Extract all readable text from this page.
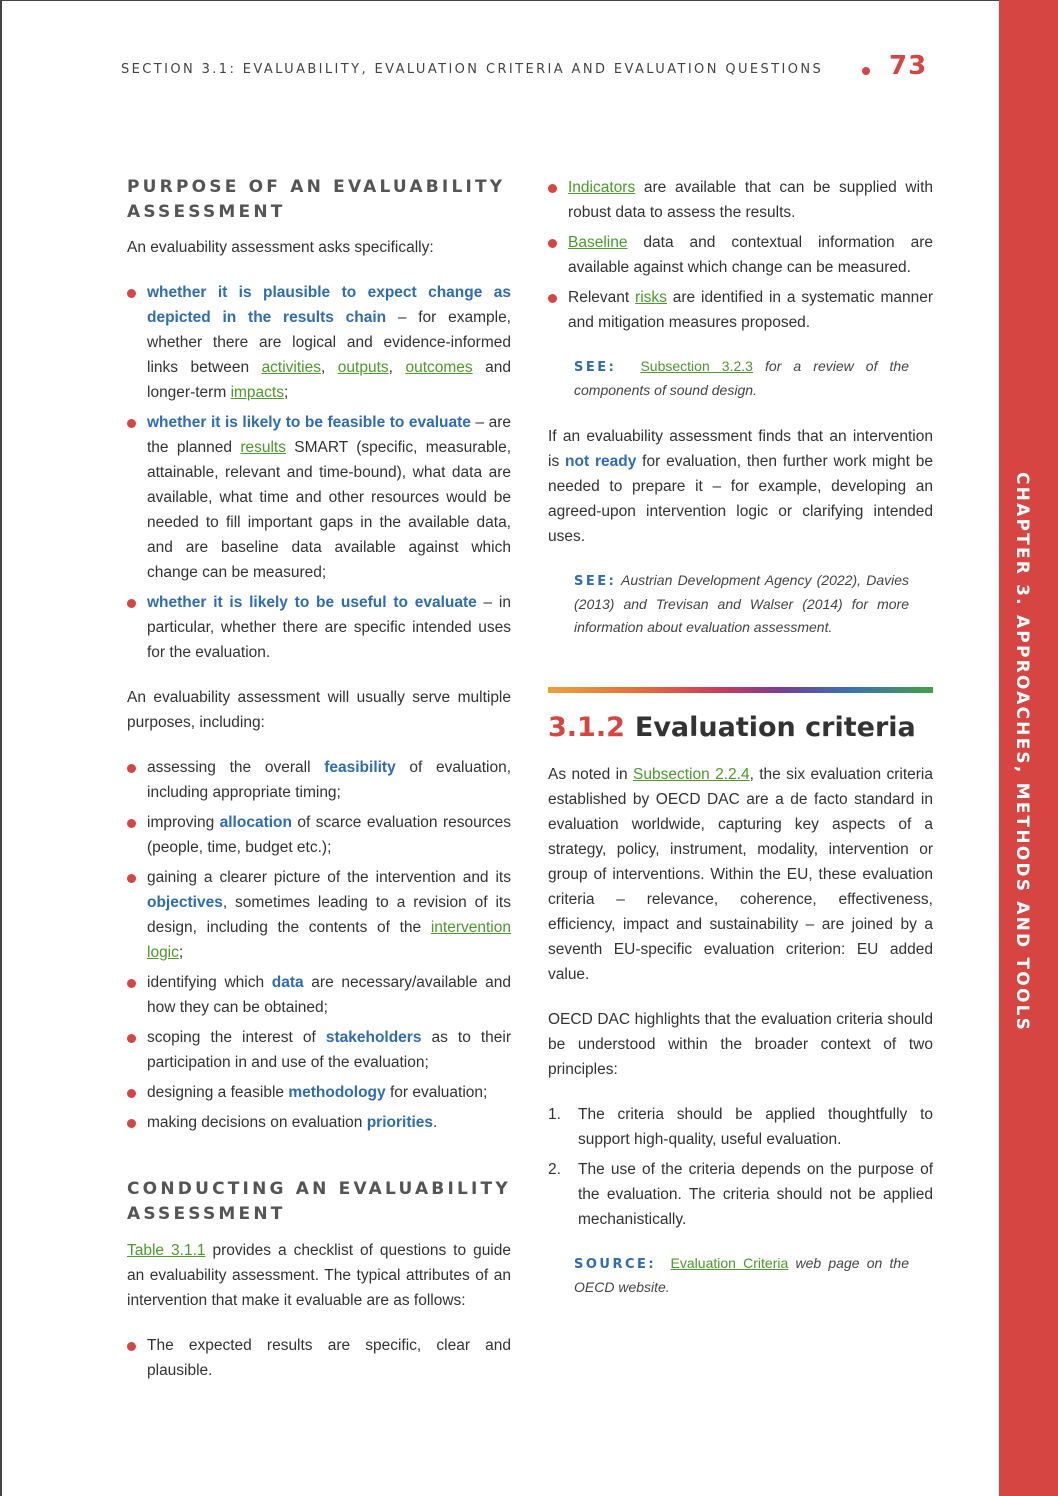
SECTION 3.1: EVALUABILITY, EVALUATION CRITERIA AND EVALUATION QUESTIONS	73
CHAPTER 3. APPROACHES, METHODS AND TOOLS
PURPOSE OF AN EVALUABILITY ASSESSMENT

An evaluability assessment asks specifically:

whether it is plausible to expect change as depicted in the results chain – for example, whether there are logical and evidence-informed links between activities, outputs, outcomes and longer-term impacts;
whether it is likely to be feasible to evaluate – are the planned results SMART (specific, measurable, attainable, relevant and time-bound), what data are available, what time and other resources would be needed to fill important gaps in the available data, and are baseline data available against which change can be measured;
whether it is likely to be useful to evaluate – in particular, whether there are specific intended uses for the evaluation.

An evaluability assessment will usually serve multiple purposes, including:

assessing the overall feasibility of evaluation, including appropriate timing;
improving allocation of scarce evaluation resources (people, time, budget etc.);
gaining a clearer picture of the intervention and its objectives, sometimes leading to a revision of its design, including the contents of the intervention logic;
identifying which data are necessary/available and how they can be obtained;
scoping the interest of stakeholders as to their participation in and use of the evaluation;
designing a feasible methodology for evaluation;
making decisions on evaluation priorities.
CONDUCTING AN EVALUABILITY ASSESSMENT

Table 3.1.1 provides a checklist of questions to guide an evaluability assessment. The typical attributes of an intervention that make it evaluable are as follows:

The expected results are specific, clear and plausible.
Indicators are available that can be supplied with robust data to assess the results.
Baseline data and contextual information are available against which change can be measured.
Relevant risks are identified in a systematic manner and mitigation measures proposed.
SEE: Subsection 3.2.3 for a review of the components of sound design.

If an evaluability assessment finds that an intervention is not ready for evaluation, then further work might be needed to prepare it – for example, developing an agreed-upon intervention logic or clarifying intended uses.

SEE: Austrian Development Agency (2022), Davies (2013) and Trevisan and Walser (2014) for more information about evaluation assessment.
3.1.2 Evaluation criteria

As noted in Subsection 2.2.4, the six evaluation criteria established by OECD DAC are a de facto standard in evaluation worldwide, capturing key aspects of a strategy, policy, instrument, modality, intervention or group of interventions. Within the EU, these evaluation criteria – relevance, coherence, effectiveness, efficiency, impact and sustainability – are joined by a seventh EU-specific evaluation criterion: EU added value.

OECD DAC highlights that the evaluation criteria should be understood within the broader context of two principles:

1. The criteria should be applied thoughtfully to support high-quality, useful evaluation.
2. The use of the criteria depends on the purpose of the evaluation. The criteria should not be applied mechanistically.
SOURCE: Evaluation Criteria web page on the OECD website.
